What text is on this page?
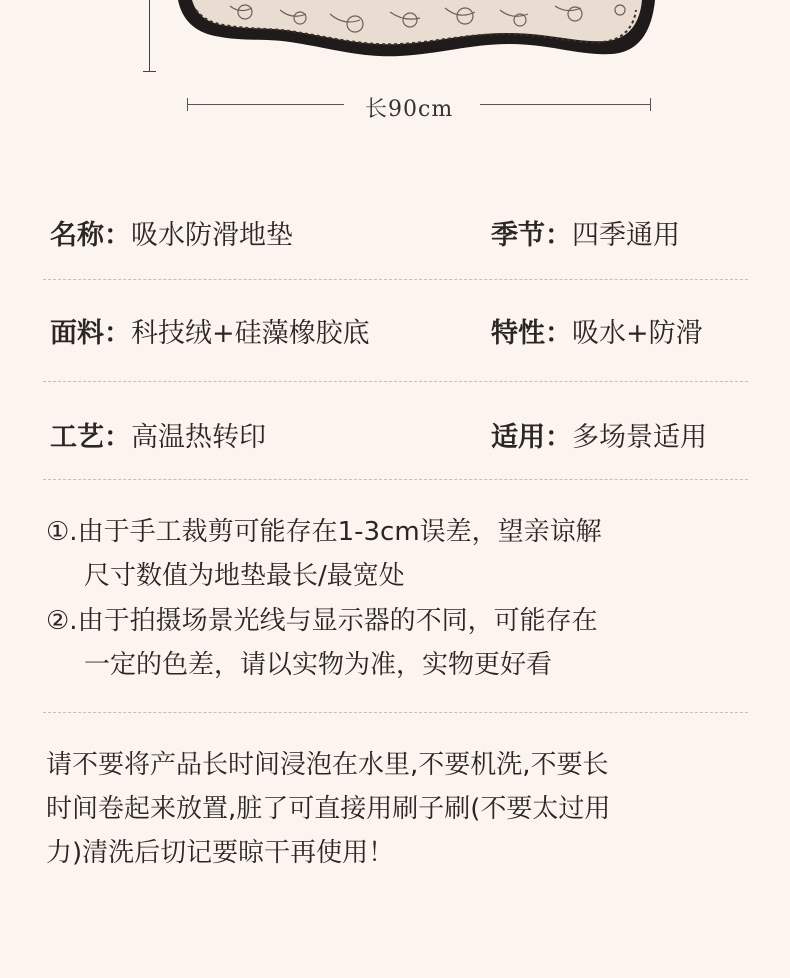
长90cm
名称：吸水防滑地垫	季节：四季通用
面料：科技绒+硅藻橡胶底	特性：吸水+防滑
工艺：高温热转印	适用：多场景适用
①.由于手工裁剪可能存在1-3cm误差，望亲谅解
尺寸数值为地垫最长/最宽处
②.由于拍摄场景光线与显示器的不同，可能存在
一定的色差，请以实物为准，实物更好看
请不要将产品长时间浸泡在水里,不要机洗,不要长
时间卷起来放置,脏了可直接用刷子刷(不要太过用
力)清洗后切记要晾干再使用！
